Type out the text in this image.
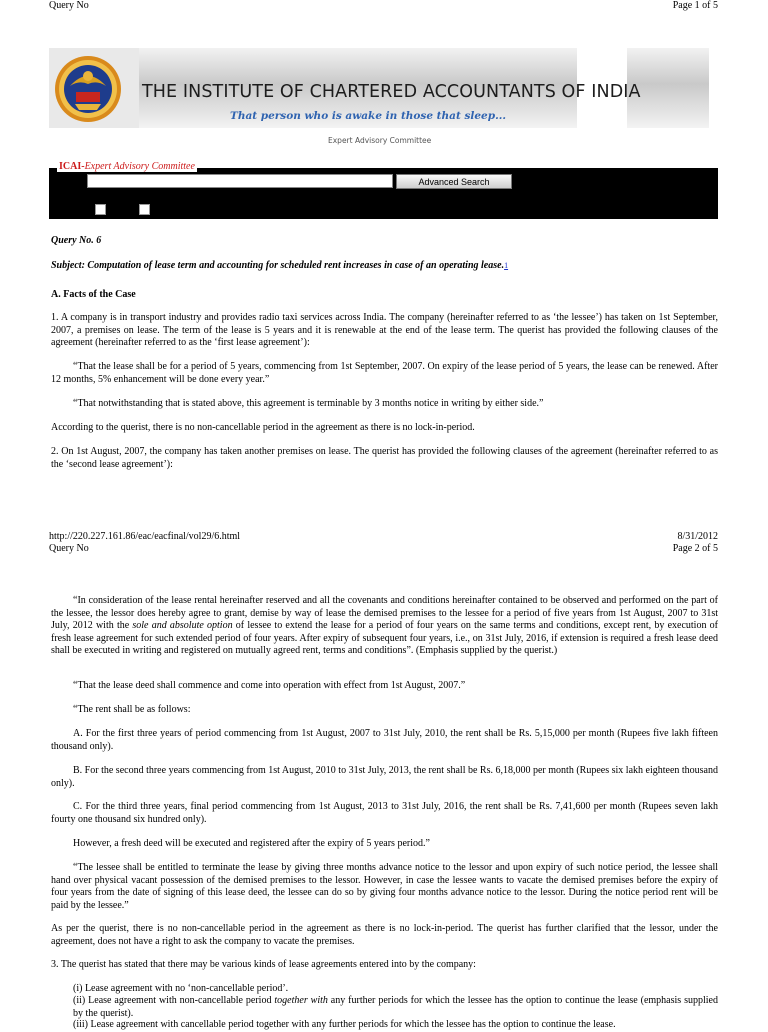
Query No	Page 1 of 5
THE INSTITUTE OF CHARTERED ACCOUNTANTS OF INDIA
That person who is awake in those that sleep...
Expert Advisory Committee
ICAI-Expert Advisory Committee
Advanced Search
Query No. 6
Subject: Computation of lease term and accounting for scheduled rent increases in case of an operating lease.$^1$
A. Facts of the Case

1. A company is in transport industry and provides radio taxi services across India. The company (hereinafter referred to as ‘the lessee’) has taken on 1st September, 2007, a premises on lease. The term of the lease is 5 years and it is renewable at the end of the lease term. The querist has provided the following clauses of the agreement (hereinafter referred to as the ‘first lease agreement’):

“That the lease shall be for a period of 5 years, commencing from 1st September, 2007. On expiry of the lease period of 5 years, the lease can be renewed. After 12 months, 5% enhancement will be done every year.”

“That notwithstanding that is stated above, this agreement is terminable by 3 months notice in writing by either side.”

According to the querist, there is no non-cancellable period in the agreement as there is no lock-in-period.

2. On 1st August, 2007, the company has taken another premises on lease. The querist has provided the following clauses of the agreement (hereinafter referred to as the ‘second lease agreement’):

http://220.227.161.86/eac/eacfinal/vol29/6.html	8/31/2012
Query No	Page 2 of 5

“In consideration of the lease rental hereinafter reserved and all the covenants and conditions hereinafter contained to be observed and performed on the part of the lessee, the lessor does hereby agree to grant, demise by way of lease the demised premises to the lessee for a period of five years from 1st August, 2007 to 31st July, 2012 with the sole and absolute option of lessee to extend the lease for a period of four years on the same terms and conditions, except rent, by execution of fresh lease agreement for such extended period of four years. After expiry of subsequent four years, i.e., on 31st July, 2016, if extension is required a fresh lease deed shall be executed in writing and registered on mutually agreed rent, terms and conditions”. (Emphasis supplied by the querist.)

“That the lease deed shall commence and come into operation with effect from 1st August, 2007.”

“The rent shall be as follows:

A. For the first three years of period commencing from 1st August, 2007 to 31st July, 2010, the rent shall be Rs. 5,15,000 per month (Rupees five lakh fifteen thousand only).

B. For the second three years commencing from 1st August, 2010 to 31st July, 2013, the rent shall be Rs. 6,18,000 per month (Rupees six lakh eighteen thousand only).

C. For the third three years, final period commencing from 1st August, 2013 to 31st July, 2016, the rent shall be Rs. 7,41,600 per month (Rupees seven lakh fourty one thousand six hundred only).

However, a fresh deed will be executed and registered after the expiry of 5 years period.”

“The lessee shall be entitled to terminate the lease by giving three months advance notice to the lessor and upon expiry of such notice period, the lessee shall hand over physical vacant possession of the demised premises to the lessor. However, in case the lessee wants to vacate the demised premises before the expiry of four years from the date of signing of this lease deed, the lessee can do so by giving four months advance notice to the lessor. During the notice period rent will be paid by the lessee.”

As per the querist, there is no non-cancellable period in the agreement as there is no lock-in-period. The querist has further clarified that the lessor, under the agreement, does not have a right to ask the company to vacate the premises.

3. The querist has stated that there may be various kinds of lease agreements entered into by the company:

(i) Lease agreement with no ‘non-cancellable period’.

(ii) Lease agreement with non-cancellable period together with any further periods for which the lessee has the option to continue the lease (emphasis supplied by the querist).

(iii) Lease agreement with cancellable period together with any further periods for which the lessee has the option to continue the lease.
